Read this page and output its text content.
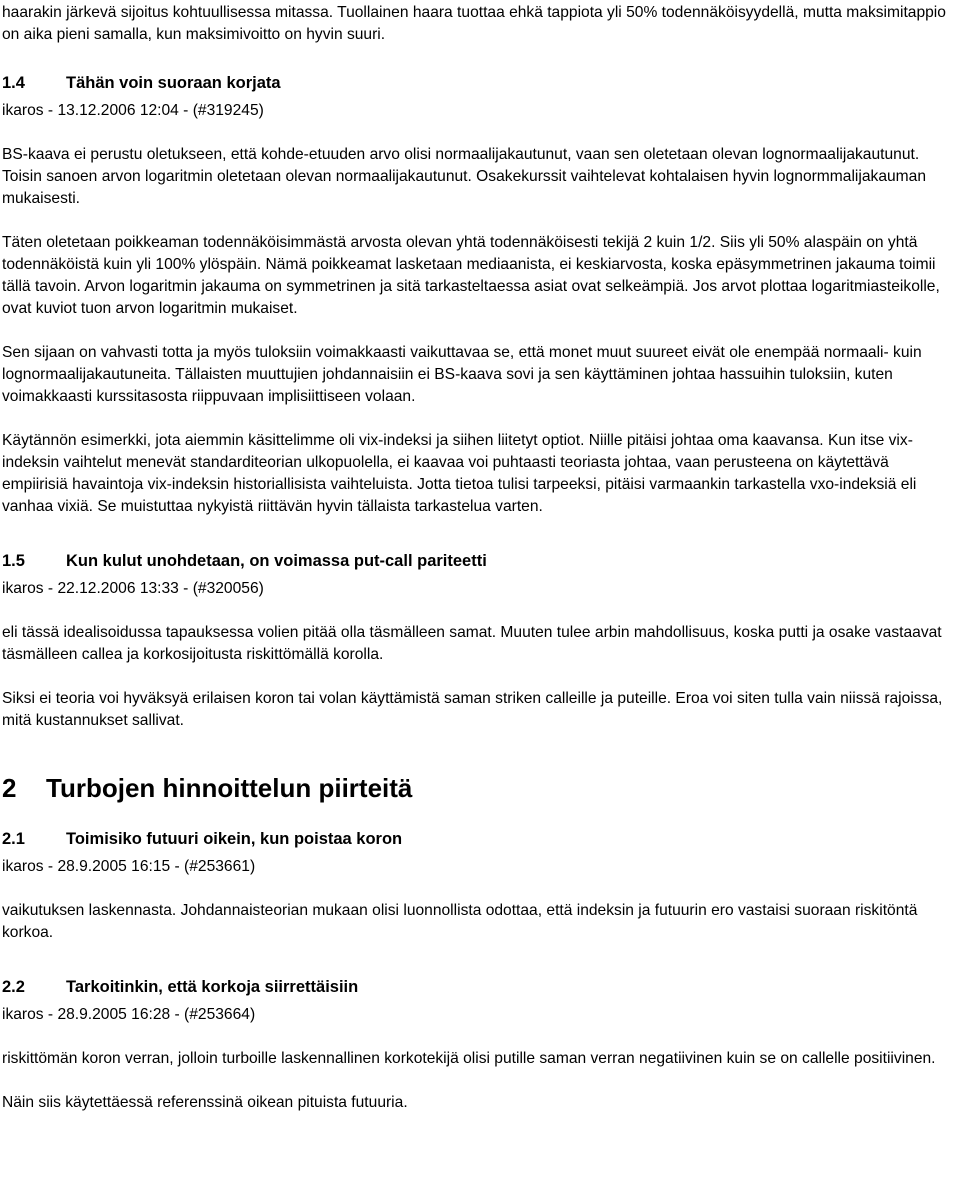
haarakin järkevä sijoitus kohtuullisessa mitassa. Tuollainen haara tuottaa ehkä tappiota yli 50% todennäköisyydellä, mutta maksimitappio on aika pieni samalla, kun maksimivoitto on hyvin suuri.

1.4 Tähän voin suoraan korjata

ikaros - 13.12.2006 12:04 - (#319245)

BS-kaava ei perustu oletukseen, että kohde-etuuden arvo olisi normaalijakautunut, vaan sen oletetaan olevan lognormaalijakautunut. Toisin sanoen arvon logaritmin oletetaan olevan normaalijakautunut. Osakekurssit vaihtelevat kohtalaisen hyvin lognormmalijakauman mukaisesti.

Täten oletetaan poikkeaman todennäköisimmästä arvosta olevan yhtä todennäköisesti tekijä 2 kuin 1/2. Siis yli 50% alaspäin on yhtä todennäköistä kuin yli 100% ylöspäin. Nämä poikkeamat lasketaan mediaanista, ei keskiarvosta, koska epäsymmetrinen jakauma toimii tällä tavoin. Arvon logaritmin jakauma on symmetrinen ja sitä tarkasteltaessa asiat ovat selkeämpiä. Jos arvot plottaa logaritmiasteikolle, ovat kuviot tuon arvon logaritmin mukaiset.

Sen sijaan on vahvasti totta ja myös tuloksiin voimakkaasti vaikuttavaa se, että monet muut suureet eivät ole enempää normaali- kuin lognormaalijakautuneita. Tällaisten muuttujien johdannaisiin ei BS-kaava sovi ja sen käyttäminen johtaa hassuihin tuloksiin, kuten voimakkaasti kurssitasosta riippuvaan implisiittiseen volaan.

Käytännön esimerkki, jota aiemmin käsittelimme oli vix-indeksi ja siihen liitetyt optiot. Niille pitäisi johtaa oma kaavansa. Kun itse vix-indeksin vaihtelut menevät standarditeorian ulkopuolella, ei kaavaa voi puhtaasti teoriasta johtaa, vaan perusteena on käytettävä empiirisiä havaintoja vix-indeksin historiallisista vaihteluista. Jotta tietoa tulisi tarpeeksi, pitäisi varmaankin tarkastella vxo-indeksiä eli vanhaa vixiä. Se muistuttaa nykyistä riittävän hyvin tällaista tarkastelua varten.

1.5 Kun kulut unohdetaan, on voimassa put-call pariteetti

ikaros - 22.12.2006 13:33 - (#320056)

eli tässä idealisoidussa tapauksessa volien pitää olla täsmälleen samat. Muuten tulee arbin mahdollisuus, koska putti ja osake vastaavat täsmälleen callea ja korkosijoitusta riskittömällä korolla.

Siksi ei teoria voi hyväksyä erilaisen koron tai volan käyttämistä saman striken calleille ja puteille. Eroa voi siten tulla vain niissä rajoissa, mitä kustannukset sallivat.

2 Turbojen hinnoittelun piirteitä
2.1 Toimisiko futuuri oikein, kun poistaa koron

ikaros - 28.9.2005 16:15 - (#253661)

vaikutuksen laskennasta. Johdannaisteorian mukaan olisi luonnollista odottaa, että indeksin ja futuurin ero vastaisi suoraan riskitöntä korkoa.

2.2 Tarkoitinkin, että korkoja siirrettäisiin

ikaros - 28.9.2005 16:28 - (#253664)

riskittömän koron verran, jolloin turboille laskennallinen korkotekijä olisi putille saman verran negatiivinen kuin se on callelle positiivinen.

Näin siis käytettäessä referenssinä oikean pituista futuuria.
